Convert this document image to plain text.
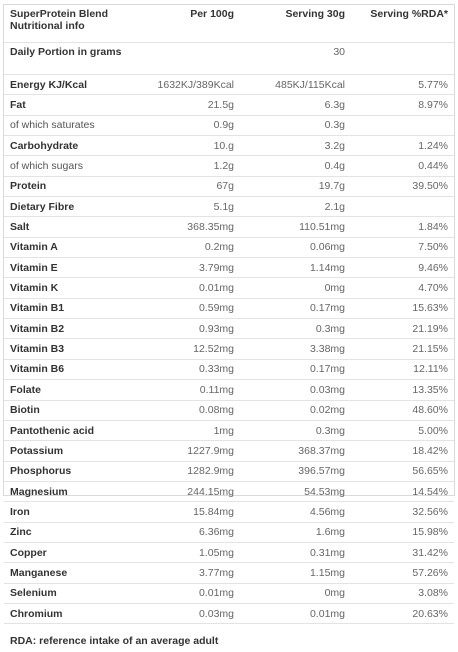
SuperProtein Blend
Nutritional info	Per 100g	Serving 30g	Serving %RDA*
Daily Portion in grams		30	
Energy KJ/Kcal	1632KJ/389Kcal	485KJ/115Kcal	5.77%
Fat	21.5g	6.3g	8.97%
of which saturates	0.9g	0.3g	
Carbohydrate	10.g	3.2g	1.24%
of which sugars	1.2g	0.4g	0.44%
Protein	67g	19.7g	39.50%
Dietary Fibre	5.1g	2.1g	
Salt	368.35mg	110.51mg	1.84%
Vitamin A	0.2mg	0.06mg	7.50%
Vitamin E	3.79mg	1.14mg	9.46%
Vitamin K	0.01mg	0mg	4.70%
Vitamin B1	0.59mg	0.17mg	15.63%
Vitamin B2	0.93mg	0.3mg	21.19%
Vitamin B3	12.52mg	3.38mg	21.15%
Vitamin B6	0.33mg	0.17mg	12.11%
Folate	0.11mg	0.03mg	13.35%
Biotin	0.08mg	0.02mg	48.60%
Pantothenic acid	1mg	0.3mg	5.00%
Potassium	1227.9mg	368.37mg	18.42%
Phosphorus	1282.9mg	396.57mg	56.65%
Magnesium	244.15mg	54.53mg	14.54%
Iron	15.84mg	4.56mg	32.56%
Zinc	6.36mg	1.6mg	15.98%
Copper	1.05mg	0.31mg	31.42%
Manganese	3.77mg	1.15mg	57.26%
Selenium	0.01mg	0mg	3.08%
Chromium	0.03mg	0.01mg	20.63%
RDA: reference intake of an average adult			
